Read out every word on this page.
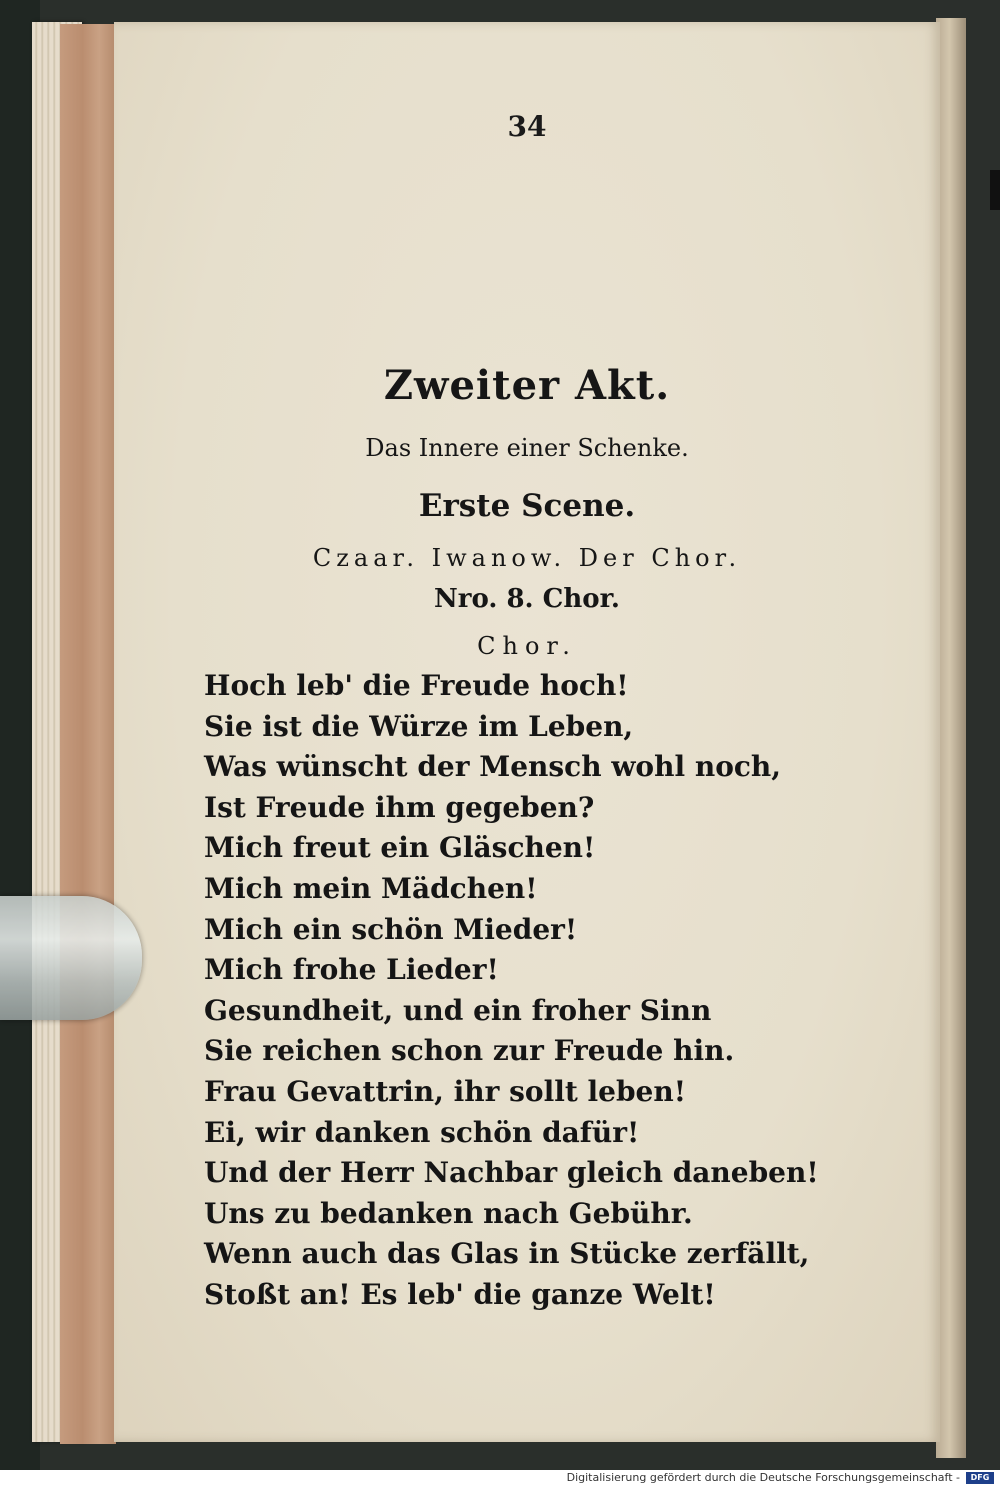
34
Zweiter Akt.
Das Innere einer Schenke.
Erste Scene.
Czaar. Iwanow. Der Chor.
Nro. 8. Chor.
Chor.
Hoch leb' die Freude hoch!
Sie ist die Würze im Leben,
Was wünscht der Mensch wohl noch,
Ist Freude ihm gegeben?
Mich freut ein Gläschen!
Mich mein Mädchen!
Mich ein schön Mieder!
Mich frohe Lieder!
Gesundheit, und ein froher Sinn
Sie reichen schon zur Freude hin.
Frau Gevattrin, ihr sollt leben!
Ei, wir danken schön dafür!
Und der Herr Nachbar gleich daneben!
Uns zu bedanken nach Gebühr.
Wenn auch das Glas in Stücke zerfällt,
Stoßt an! Es leb' die ganze Welt!
Digitalisierung gefördert durch die Deutsche Forschungsgemeinschaft -	DFG
